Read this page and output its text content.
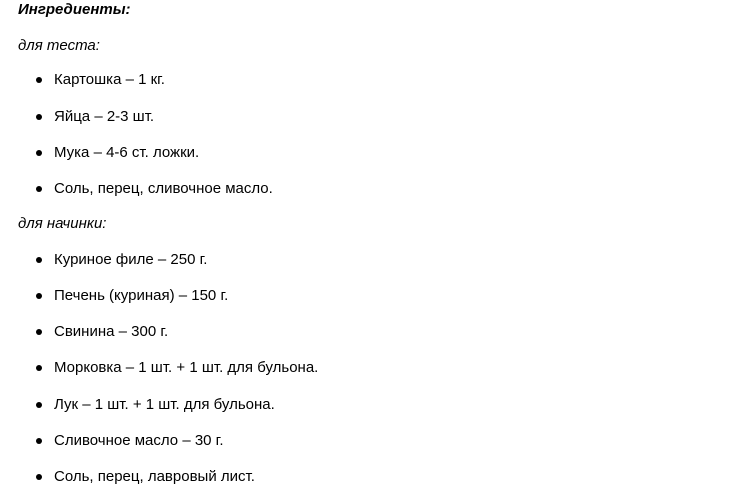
Ингредиенты:
для теста:
Картошка – 1 кг.
Яйца – 2-3 шт.
Мука – 4-6 ст. ложки.
Соль, перец, сливочное масло.
для начинки:
Куриное филе – 250 г.
Печень (куриная) – 150 г.
Свинина – 300 г.
Морковка – 1 шт. + 1 шт. для бульона.
Лук – 1 шт. + 1 шт. для бульона.
Сливочное масло – 30 г.
Соль, перец, лавровый лист.
